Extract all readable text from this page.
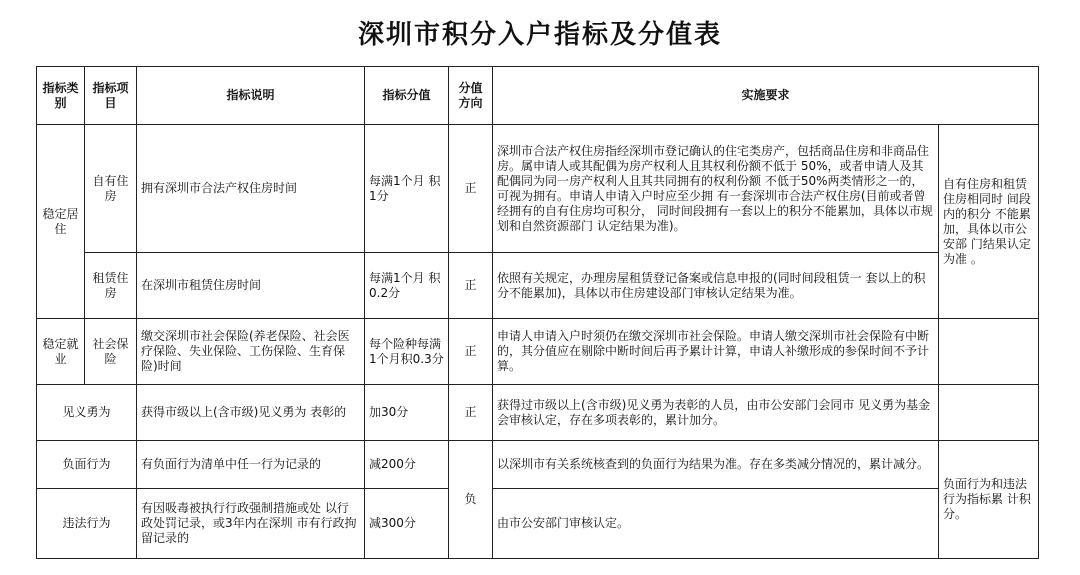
深圳市积分入户指标及分值表
指标类别	指标项目	指标说明	指标分值	分值方向	实施要求	
稳定居住	自有住房	拥有深圳市合法产权住房时间	每满1个月 积1分	正	深圳市合法产权住房指经深圳市登记确认的住宅类房产，包括商品住房和非商品住房。属申请人或其配偶为房产权利人且其权利份额不低于 50%，或者申请人及其配偶同为同一房产权利人且其共同拥有的权利份额 不低于50%两类情形之一的，可视为拥有。申请人申请入户时应至少拥 有一套深圳市合法产权住房(目前或者曾经拥有的自有住房均可积分， 同时间段拥有一套以上的积分不能累加，具体以市规划和自然资源部门 认定结果为准)。	自有住房和租赁住房相同时 间段内的积分 不能累加，具体以市公安部 门结果认定为准 。
	租赁住房	在深圳市租赁住房时间	每满1个月 积0.2分	正	依照有关规定，办理房屋租赁登记备案或信息申报的(同时间段租赁一 套以上的积分不能累加)，具体以市住房建设部门审核认定结果为准。	
稳定就业	社会保险	缴交深圳市社会保险(养老保险、社会医疗保险、失业保险、工伤保险、生育保险)时间	每个险种每满1个月积0.3分	正	申请人申请入户时须仍在缴交深圳市社会保险。申请人缴交深圳市社会保险有中断的，其分值应在剔除中断时间后再予累计计算，申请人补缴形成的参保时间不予计算。	
见义勇为		获得市级以上(含市级)见义勇为 表彰的	加30分	正	获得过市级以上(含市级)见义勇为表彰的人员，由市公安部门会同市 见义勇为基金会审核认定，存在多项表彰的，累计加分。	
负面行为		有负面行为清单中任一行为记录的	减200分	负	以深圳市有关系统核查到的负面行为结果为准。存在多类减分情况的，累计减分。	负面行为和违法行为指标累 计积分。
违法行为		有因吸毒被执行行政强制措施或处 以行政处罚记录，或3年内在深圳 市有行政拘留记录的	减300分		由市公安部门审核认定。	
